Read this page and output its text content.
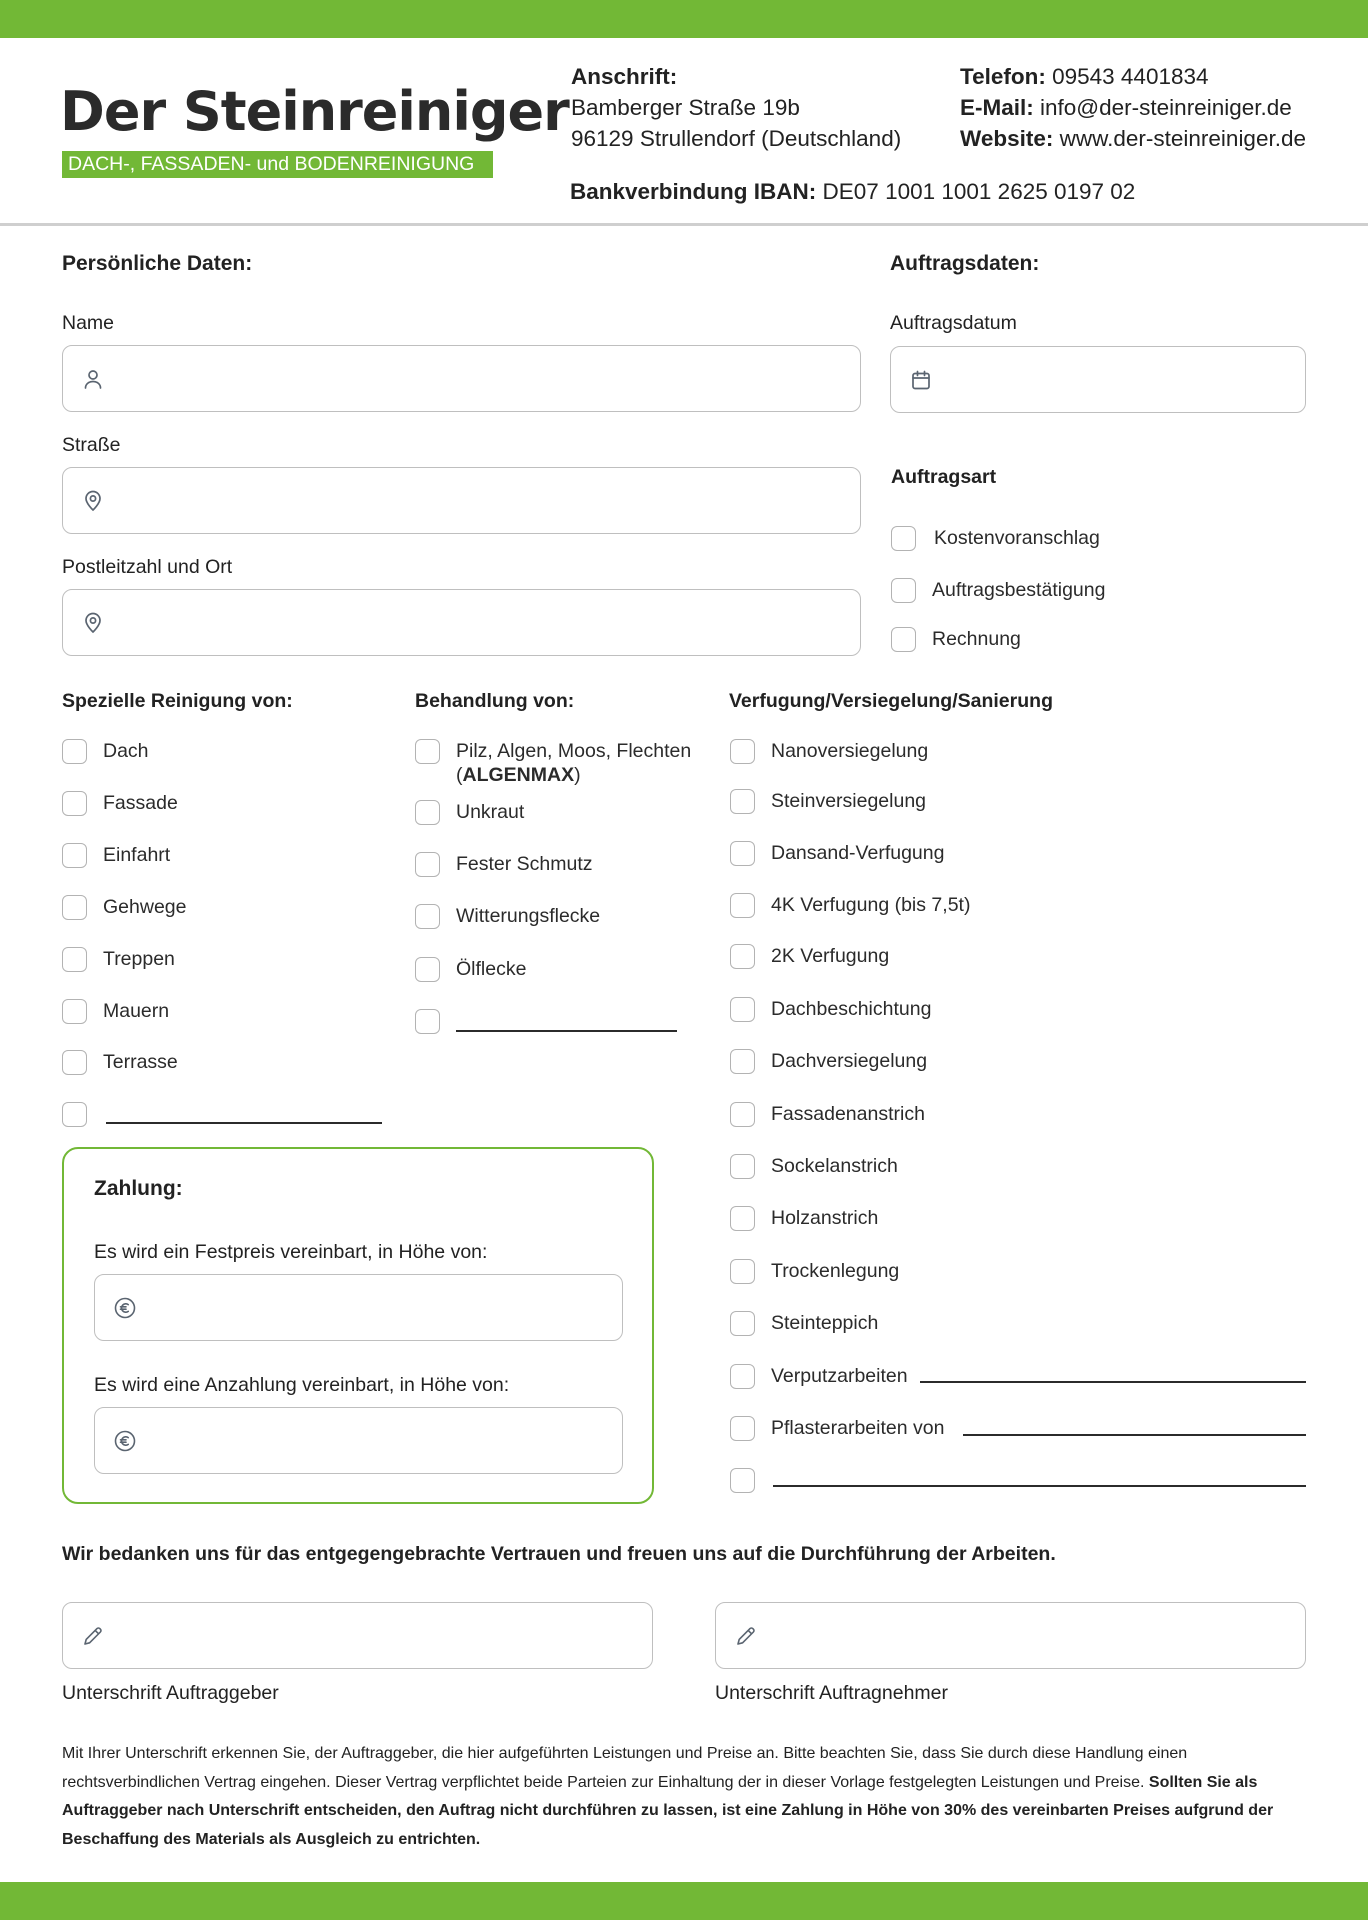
Der Steinreiniger
DACH-, FASSADEN- und BODENREINIGUNG
Anschrift:
Bamberger Straße 19b
96129 Strullendorf (Deutschland)
Telefon: 09543 4401834
E-Mail: info@der-steinreiniger.de
Website: www.der-steinreiniger.de
Bankverbindung IBAN: DE07 1001 1001 2625 0197 02
Persönliche Daten:
Name
Straße
Postleitzahl und Ort
Auftragsdaten:
Auftragsdatum
Auftragsart
Kostenvoranschlag
Auftragsbestätigung
Rechnung
Spezielle Reinigung von:
Dach
Fassade
Einfahrt
Gehwege
Treppen
Mauern
Terrasse
Behandlung von:
Pilz, Algen, Moos, Flechten
(ALGENMAX)
Unkraut
Fester Schmutz
Witterungsflecke
Ölflecke
Verfugung/Versiegelung/Sanierung
Nanoversiegelung
Steinversiegelung
Dansand-Verfugung
4K Verfugung (bis 7,5t)
2K Verfugung
Dachbeschichtung
Dachversiegelung
Fassadenanstrich
Sockelanstrich
Holzanstrich
Trockenlegung
Steinteppich
Verputzarbeiten
Pflasterarbeiten von
Zahlung:
Es wird ein Festpreis vereinbart, in Höhe von:
Es wird eine Anzahlung vereinbart, in Höhe von:
Wir bedanken uns für das entgegengebrachte Vertrauen und freuen uns auf die Durchführung der Arbeiten.
Unterschrift Auftraggeber	Unterschrift Auftragnehmer
Mit Ihrer Unterschrift erkennen Sie, der Auftraggeber, die hier aufgeführten Leistungen und Preise an. Bitte beachten Sie, dass Sie durch diese Handlung einen rechtsverbindlichen Vertrag eingehen. Dieser Vertrag verpflichtet beide Parteien zur Einhaltung der in dieser Vorlage festgelegten Leistungen und Preise. Sollten Sie als Auftraggeber nach Unterschrift entscheiden, den Auftrag nicht durchführen zu lassen, ist eine Zahlung in Höhe von 30% des vereinbarten Preises aufgrund der Beschaffung des Materials als Ausgleich zu entrichten.
